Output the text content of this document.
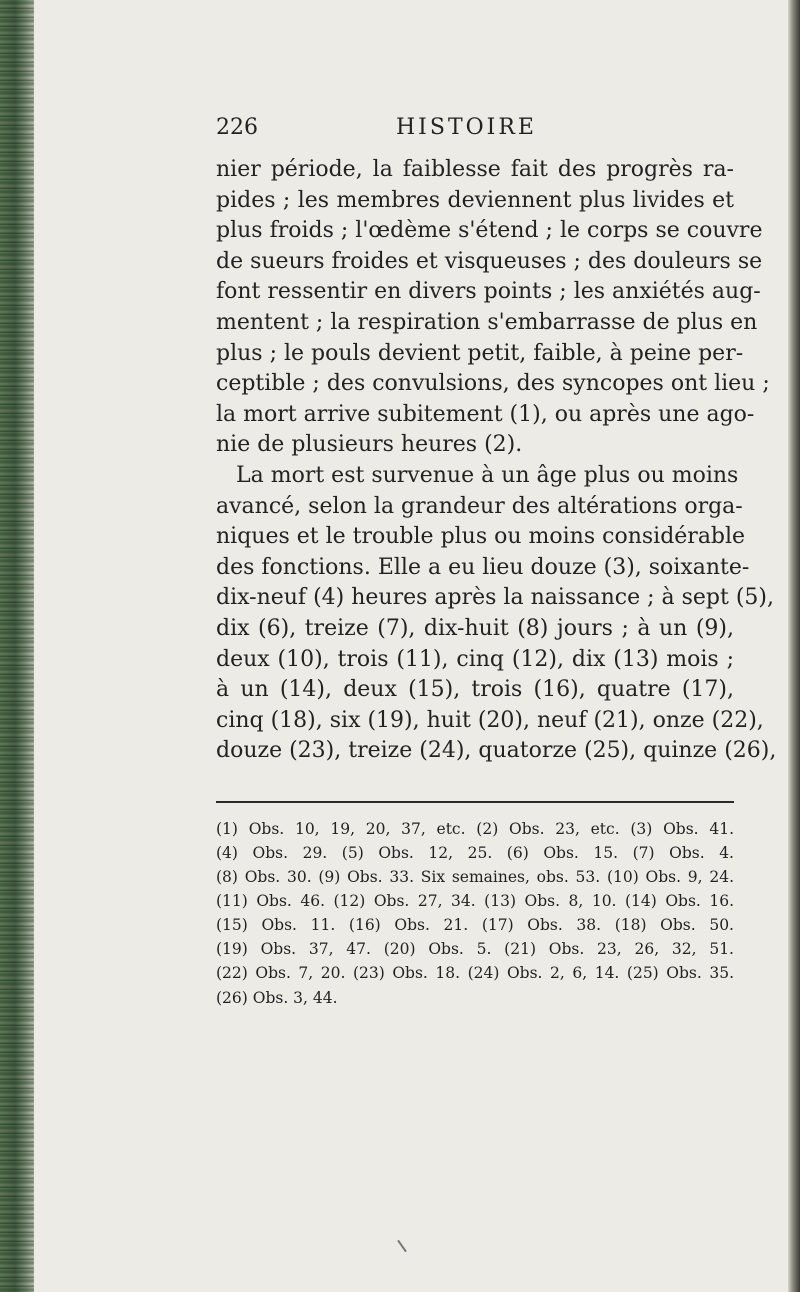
226	HISTOIRE
nier période, la faiblesse fait des progrès ra-
pides ; les membres deviennent plus livides et
plus froids ; l'œdème s'étend ; le corps se couvre
de sueurs froides et visqueuses ; des douleurs se
font ressentir en divers points ; les anxiétés aug-
mentent ; la respiration s'embarrasse de plus en
plus ; le pouls devient petit, faible, à peine per-
ceptible ; des convulsions, des syncopes ont lieu ;
la mort arrive subitement (1), ou après une ago-
nie de plusieurs heures (2).
La mort est survenue à un âge plus ou moins
avancé, selon la grandeur des altérations orga-
niques et le trouble plus ou moins considérable
des fonctions. Elle a eu lieu douze (3), soixante-
dix-neuf (4) heures après la naissance ; à sept (5),
dix (6), treize (7), dix-huit (8) jours ; à un (9),
deux (10), trois (11), cinq (12), dix (13) mois ;
à un (14), deux (15), trois (16), quatre (17),
cinq (18), six (19), huit (20), neuf (21), onze (22),
douze (23), treize (24), quatorze (25), quinze (26),
(1) Obs. 10, 19, 20, 37, etc. (2) Obs. 23, etc. (3) Obs. 41.
(4) Obs. 29. (5) Obs. 12, 25. (6) Obs. 15. (7) Obs. 4.
(8) Obs. 30. (9) Obs. 33. Six semaines, obs. 53. (10) Obs. 9, 24.
(11) Obs. 46. (12) Obs. 27, 34. (13) Obs. 8, 10. (14) Obs. 16.
(15) Obs. 11. (16) Obs. 21. (17) Obs. 38. (18) Obs. 50.
(19) Obs. 37, 47. (20) Obs. 5. (21) Obs. 23, 26, 32, 51.
(22) Obs. 7, 20. (23) Obs. 18. (24) Obs. 2, 6, 14. (25) Obs. 35.
(26) Obs. 3, 44.
